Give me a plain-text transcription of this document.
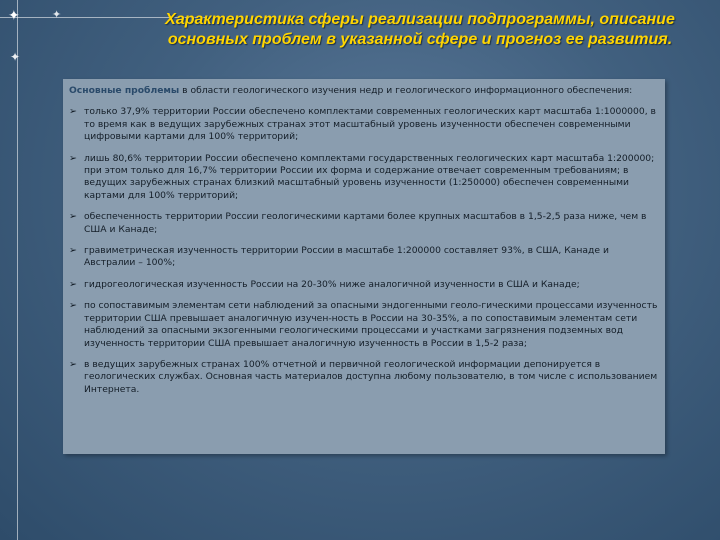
✦	✦
✦
Характеристика сферы реализации подпрограммы, описание
основных проблем в указанной сфере и прогноз ее развития.

Основные проблемы в области геологического изучения недр и геологического информационного обеспечения:

➢ только 37,9% территории России обеспечено комплектами современных геологических карт масштаба 1:1000000, в то время как в ведущих зарубежных странах этот масштабный уровень изученности обеспечен современными цифровыми картами для 100% территорий;
➢ лишь 80,6% территории России обеспечено комплектами государственных геологических карт масштаба 1:200000; при этом только для 16,7% территории России их форма и содержание отвечает современным требованиям; в ведущих зарубежных странах близкий масштабный уровень изученности (1:250000) обеспечен современными картами для 100% территорий;
➢ обеспеченность территории России геологическими картами более крупных масштабов в 1,5-2,5 раза ниже, чем в США и Канаде;
➢ гравиметрическая изученность территории России в масштабе 1:200000 составляет 93%, в США, Канаде и Австралии – 100%;
➢ гидрогеологическая изученность России на 20-30% ниже аналогичной изученности в США и Канаде;
➢ по сопоставимым элементам сети наблюдений за опасными эндогенными геоло-гическими процессами изученность территории США превышает аналогичную изучен-ность в России на 30-35%, а по сопоставимым элементам сети наблюдений за опасными экзогенными геологическими процессами и участками загрязнения подземных вод изученность территории США превышает аналогичную изученность в России в 1,5-2 раза;
➢ в ведущих зарубежных странах 100% отчетной и первичной геологической информации депонируется в геологических службах. Основная часть материалов доступна любому пользователю, в том числе с использованием Интернета.
